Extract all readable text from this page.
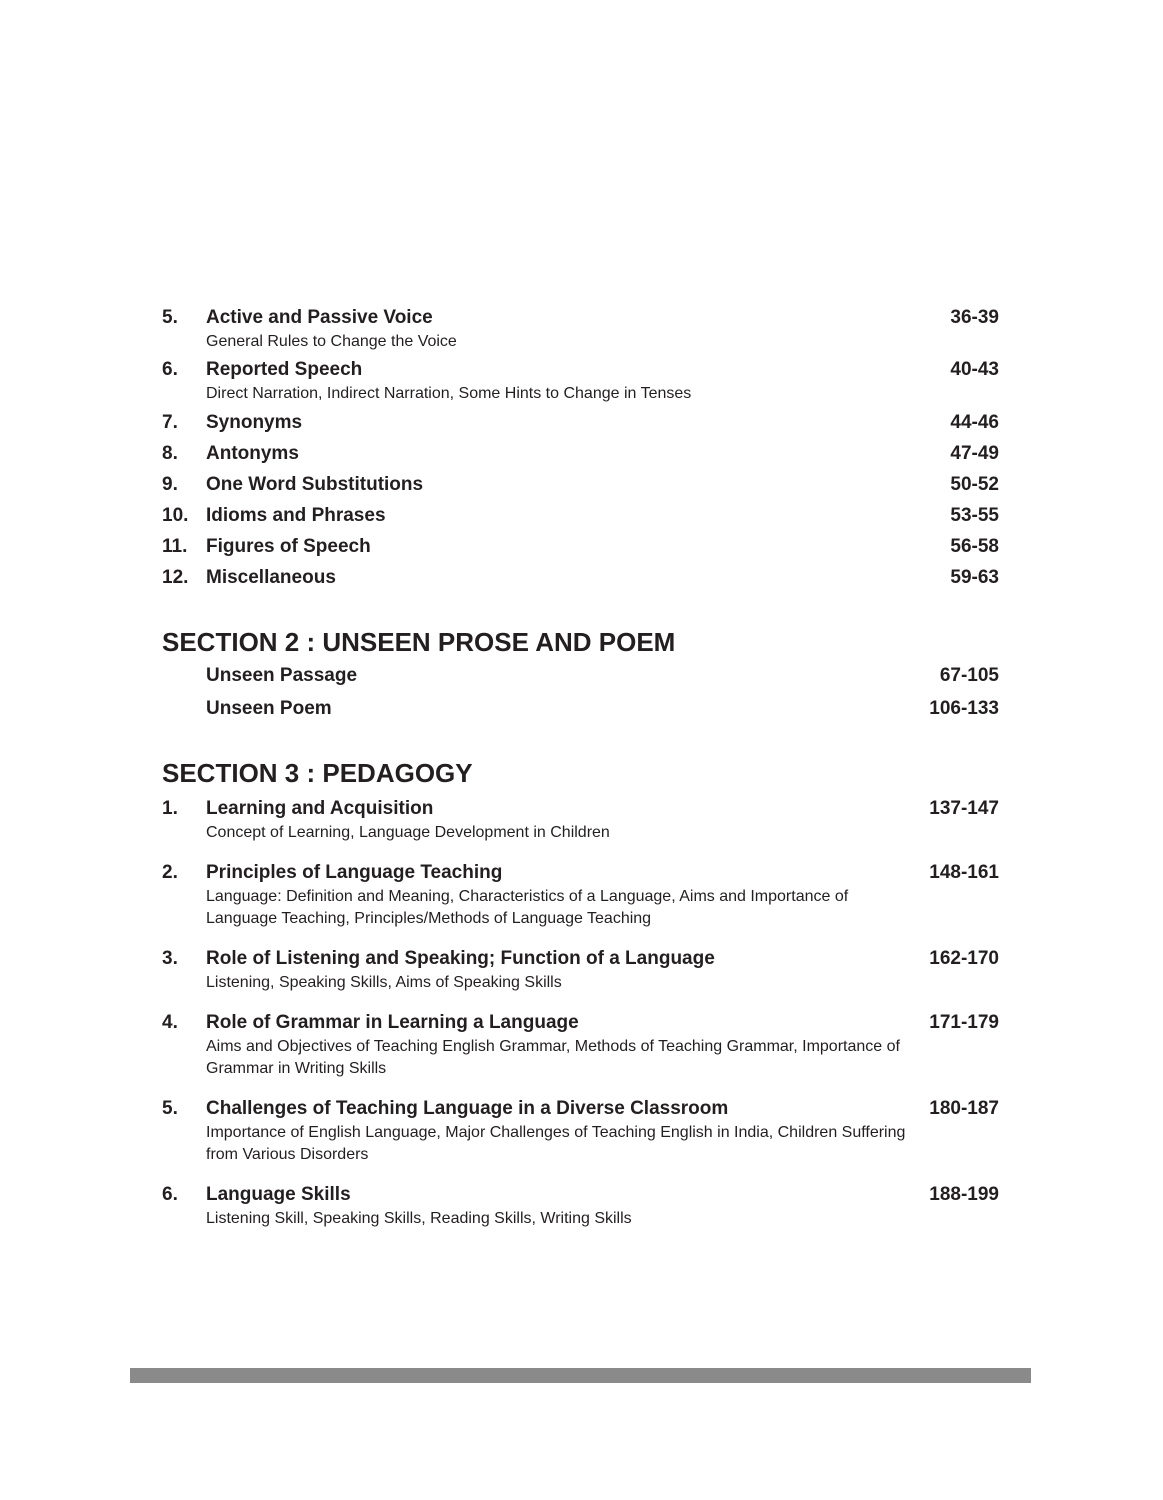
5.	Active and Passive Voice	36-39
General Rules to Change the Voice
6.	Reported Speech	40-43
Direct Narration, Indirect Narration, Some Hints to Change in Tenses
7.	Synonyms	44-46
8.	Antonyms	47-49
9.	One Word Substitutions	50-52
10. Idioms and Phrases	53-55
11. Figures of Speech	56-58
12. Miscellaneous	59-63
SECTION 2 : UNSEEN PROSE AND POEM
Unseen Passage	67-105
Unseen Poem	106-133
SECTION 3 : PEDAGOGY
1.	Learning and Acquisition	137-147
Concept of Learning, Language Development in Children
2.	Principles of Language Teaching	148-161
Language: Definition and Meaning, Characteristics of a Language, Aims and Importance of Language Teaching, Principles/Methods of Language Teaching
3.	Role of Listening and Speaking; Function of a Language	162-170
Listening, Speaking Skills, Aims of Speaking Skills
4.	Role of Grammar in Learning a Language	171-179
Aims and Objectives of Teaching English Grammar, Methods of Teaching Grammar, Importance of Grammar in Writing Skills
5.	Challenges of Teaching Language in a Diverse Classroom	180-187
Importance of English Language, Major Challenges of Teaching English in India, Children Suffering from Various Disorders
6.	Language Skills	188-199
Listening Skill, Speaking Skills, Reading Skills, Writing Skills
